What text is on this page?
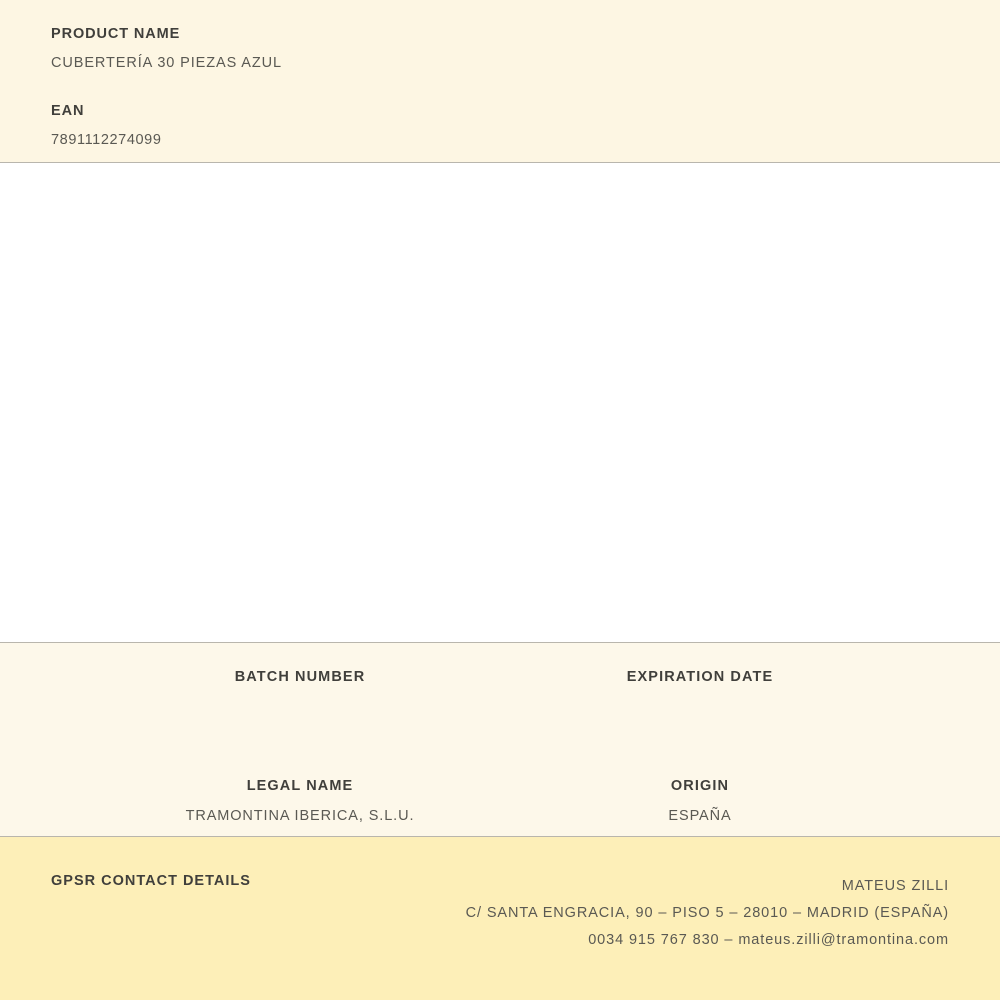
PRODUCT NAME
CUBERTERÍA 30 PIEZAS AZUL
EAN
7891112274099
BATCH NUMBER	EXPIRATION DATE
LEGAL NAME
TRAMONTINA IBERICA, S.L.U.
ORIGIN
ESPAÑA
GPSR CONTACT DETAILS	MATEUS ZILLI
C/ SANTA ENGRACIA, 90 – PISO 5 – 28010 – MADRID (ESPAÑA)
0034 915 767 830 – mateus.zilli@tramontina.com
